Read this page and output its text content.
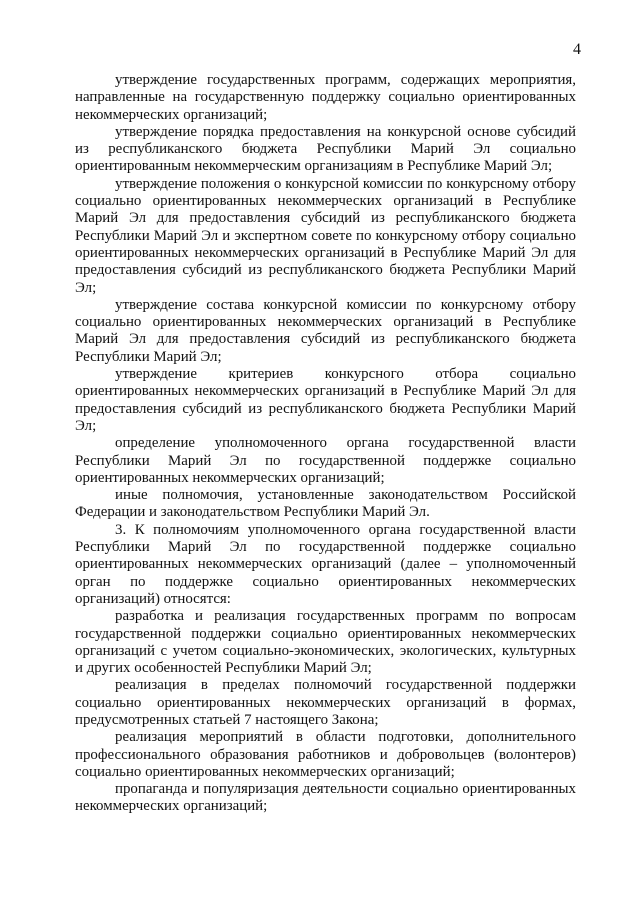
4

утверждение государственных программ, содержащих мероприятия, направленные на государственную поддержку социально ориентированных некоммерческих организаций;

утверждение порядка предоставления на конкурсной основе субсидий из республиканского бюджета Республики Марий Эл социально ориентированным некоммерческим организациям в Республике Марий Эл;

утверждение положения о конкурсной комиссии по конкурсному отбору социально ориентированных некоммерческих организаций в Республике Марий Эл для предоставления субсидий из республиканского бюджета Республики Марий Эл и экспертном совете по конкурсному отбору социально ориентированных некоммерческих организаций в Республике Марий Эл для предоставления субсидий из республиканского бюджета Республики Марий Эл;

утверждение состава конкурсной комиссии по конкурсному отбору социально ориентированных некоммерческих организаций в Республике Марий Эл для предоставления субсидий из республиканского бюджета Республики Марий Эл;

утверждение критериев конкурсного отбора социально ориентированных некоммерческих организаций в Республике Марий Эл для предоставления субсидий из республиканского бюджета Республики Марий Эл;

определение уполномоченного органа государственной власти Республики Марий Эл по государственной поддержке социально ориентированных некоммерческих организаций;

иные полномочия, установленные законодательством Российской Федерации и законодательством Республики Марий Эл.

3. К полномочиям уполномоченного органа государственной власти Республики Марий Эл по государственной поддержке социально ориентированных некоммерческих организаций (далее – уполномоченный орган по поддержке социально ориентированных некоммерческих организаций) относятся:

разработка и реализация государственных программ по вопросам государственной поддержки социально ориентированных некоммерческих организаций с учетом социально-экономических, экологических, культурных и других особенностей Республики Марий Эл;

реализация в пределах полномочий государственной поддержки социально ориентированных некоммерческих организаций в формах, предусмотренных статьей 7 настоящего Закона;

реализация мероприятий в области подготовки, дополнительного профессионального образования работников и добровольцев (волонтеров) социально ориентированных некоммерческих организаций;

пропаганда и популяризация деятельности социально ориентированных некоммерческих организаций;
